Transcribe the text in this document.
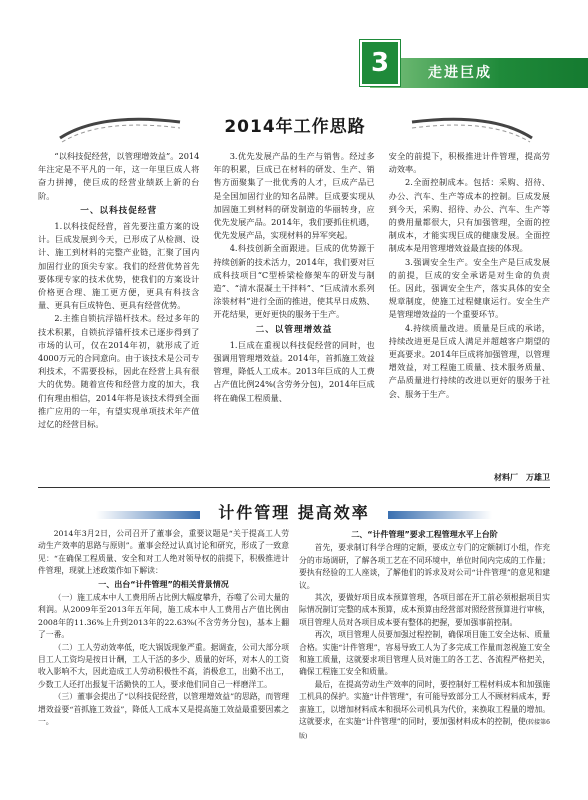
3	走进巨成
2014年工作思路

“以科技促经营，以管理增效益”。2014年注定是不平凡的一年，这一年里巨成人将奋力拼搏，使巨成的经营业绩跃上新的台阶。

一、以科技促经营

1.以科技促经营，首先要注重方案的设计。巨成发展到今天，已形成了从检测、设计、施工到材料的完整产业链，汇聚了国内加固行业的顶尖专家。我们的经营优势首先要体现专家的技术优势，使我们的方案设计价格更合理、施工更方便，更具有科技含量、更具有巨成特色、更具有经营优势。

2.主推自锁抗浮锚杆技术。经过多年的技术积累，自锁抗浮锚杆技术已逐步得到了市场的认可，仅在2014年初，就形成了近4000万元的合同意向。由于该技术是公司专利技术，不需要投标，因此在经营上具有很大的优势。随着宣传和经营力度的加大，我们有理由相信，2014年将是该技术得到全面推广应用的一年，有望实现单项技术年产值过亿的经营目标。

3.优先发展产品的生产与销售。经过多年的积累，巨成已在材料的研发、生产、销售方面聚集了一批优秀的人才，巨成产品已是全国加固行业的知名品牌。巨成要实现从加固施工到材料的研发制造的华丽转身，应优先发展产品。2014年，我们要抓住机遇，优先发展产品，实现材料的异军突起。

4.科技创新全面跟进。巨成的优势源于持续创新的技术活力，2014年，我们要对巨成科技项目“C型桥梁检修架车的研发与制造”、“清水混凝土干拌料”、“巨成清水系列涂装材料”进行全面的推进，使其早日成熟、开花结果，更好更快的服务于生产。

二、以管理增效益

1.巨成在重视以科技促经营的同时，也强调用管理增效益。2014年，首抓施工效益管理，降低人工成本。2013年巨成的人工费占产值比例24%(含劳务分包)，2014年巨成将在确保工程质量、

安全的前提下，积极推进计件管理，提高劳动效率。

2.全面控制成本。包括：采购、招待、办公、汽车、生产等成本的控制。巨成发展到今天，采购、招待、办公、汽车、生产等的费用量都很大，只有加强管理，全面的控制成本，才能实现巨成的健康发展。全面控制成本是用管理增效益最直接的体现。

3.强调安全生产。安全生产是巨成发展的前提，巨成的安全承诺是对生命的负责任。因此，强调安全生产，落实具体的安全规章制度，使施工过程健康运行。安全生产是管理增效益的一个重要环节。

4.持续质量改进。质量是巨成的承诺，持续改进更是巨成人满足并超越客户期望的更高要求。2014年巨成将加强管理，以管理增效益，对工程施工质量、技术服务质量、产品质量进行持续的改进以更好的服务于社会、服务于生产。

材料厂　万雄卫
计件管理 提高效率

2014年3月2日，公司召开了董事会，重要议题是“关于提高工人劳动生产效率的思路与原则”。董事会经过认真讨论和研究，形成了一致意见：“在确保工程质量、安全和对工人绝对领导权的前提下，积极推进计件管理，现就上述政策作如下解读：

一、出台“计件管理”的相关背景情况

（一）施工成本中人工费用所占比例大幅度攀升，吞噬了公司大量的利润。从2009年至2013年五年间，施工成本中人工费用占产值比例由2008年的11.36%上升到2013年的22.63%(不含劳务分包)，基本上翻了一番。

（二）工人劳动效率低，吃大锅饭现象严重。据调查，公司大部分项目工人工资均是按日计酬，工人干活的多少、质量的好坏，对本人的工资收入影响不大，因此造成工人劳动积极性不高，消极怠工，出勤不出工，少数工人还打出报复干活勤快的工人，要求他们同自己一样磨洋工。

（三）董事会提出了“以科技促经营，以管理增效益”的思路，而管理增效益要“首抓施工效益”，降低人工成本又是提高施工效益最重要因素之一。

二、“计件管理”要求工程管理水平上台阶

首先，要求制订科学合理的定额，要成立专门的定额制订小组，作充分的市场调研，了解各项工艺在不同环境中，单位时间内完成的工作量；要执有经验的工人座谈，了解他们的诉求及对公司“计件管理”的意见和建议。

其次，要做好项目成本预算管理，各项目部在开工前必须根据项目实际情况制订完整的成本预算，成本预算由经营部对照经营预算进行审核，项目管理人员对各项目成本要有整体的把握，要加强事前控制。

再次，项目管理人员要加强过程控制，确保项目施工安全达标、质量合格。实施“计件管理”，容易导致工人为了多完成工作量而忽视施工安全和施工质量，这就要求项目管理人员对施工的各工艺、各流程严格把关，确保工程施工安全和质量。

最后，在提高劳动生产效率的同时，要控制好工程材料成本和加强施工机具的保护。实施“计件管理”，有可能导致部分工人不顾材料成本，野蛮施工，以增加材料成本和损坏公司机具为代价，来换取工程量的增加。这就要求，在实施“计件管理”的同时，要加强材料成本的控制，使(转接第6版)
